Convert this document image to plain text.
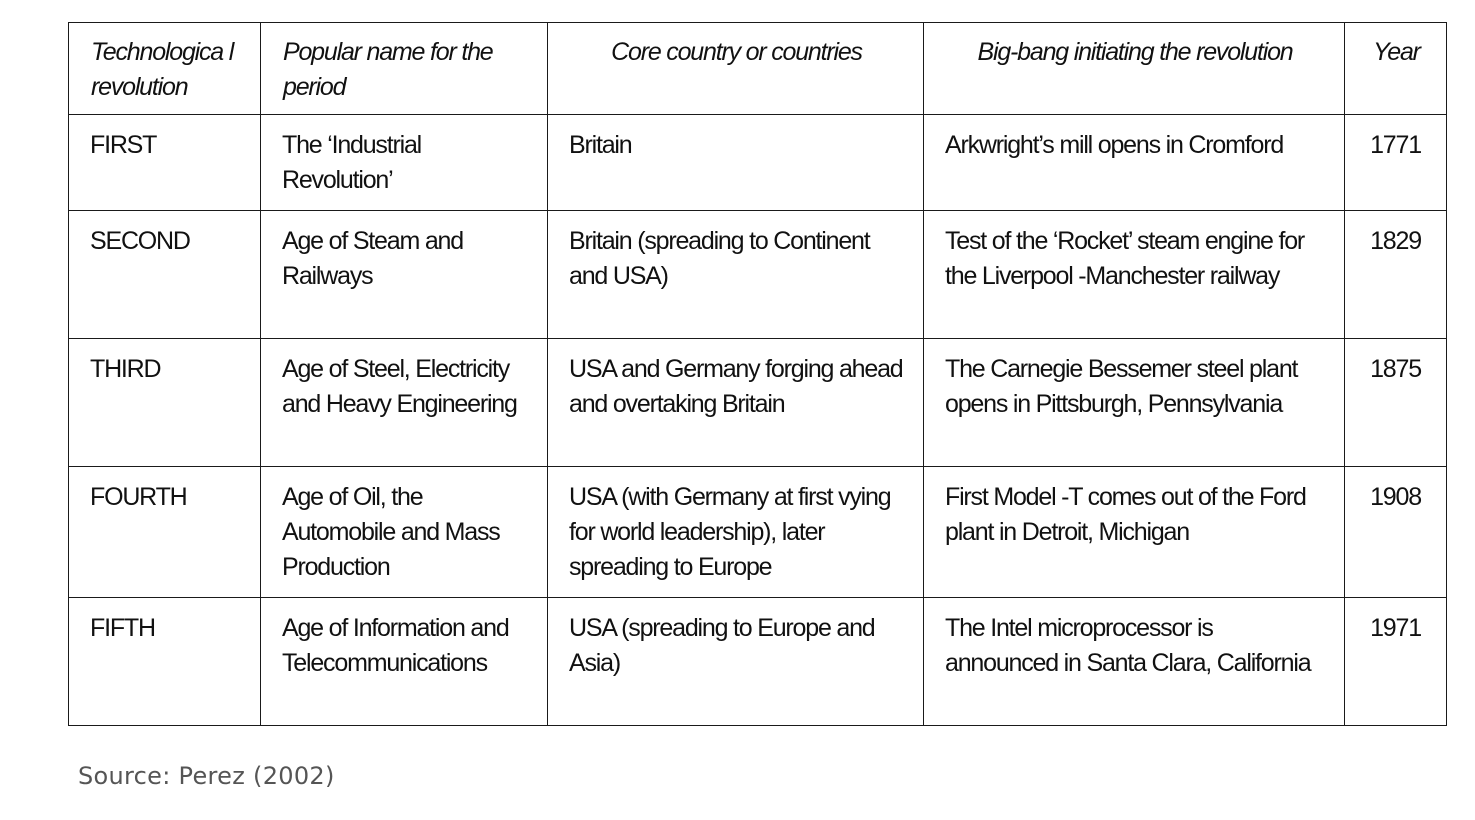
Technologica l revolution	Popular name for the period	Core country or countries	Big-bang initiating the revolution	Year
FIRST	The ‘Industrial Revolution’	Britain	Arkwright’s mill opens in Cromford	1771
SECOND	Age of Steam and Railways	Britain (spreading to Continent and USA)	Test of the ‘Rocket’ steam engine for the Liverpool -Manchester railway	1829
THIRD	Age of Steel, Electricity and Heavy Engineering	USA and Germany forging ahead and overtaking Britain	The Carnegie Bessemer steel plant opens in Pittsburgh, Pennsylvania	1875
FOURTH	Age of Oil, the Automobile and Mass Production	USA (with Germany at first vying for world leadership), later spreading to Europe	First Model -T comes out of the Ford plant in Detroit, Michigan	1908
FIFTH	Age of Information and Telecommunications	USA (spreading to Europe and Asia)	The Intel microprocessor is announced in Santa Clara, California	1971
Source: Perez (2002)
